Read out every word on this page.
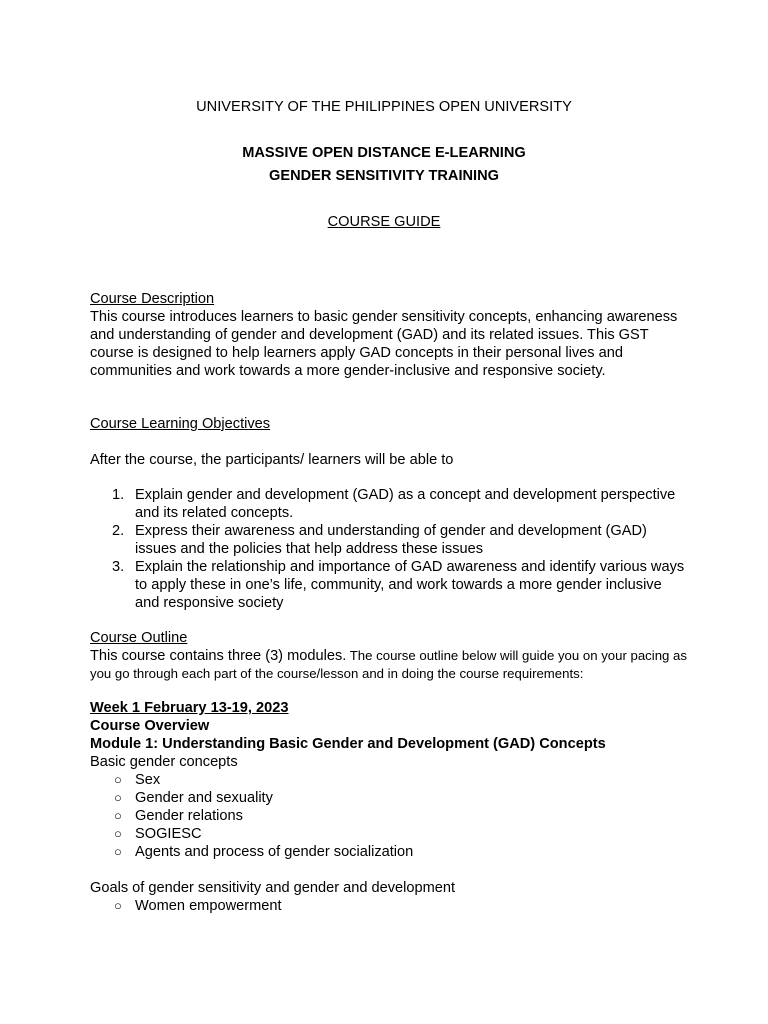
UNIVERSITY OF THE PHILIPPINES OPEN UNIVERSITY
MASSIVE OPEN DISTANCE E-LEARNING
GENDER SENSITIVITY TRAINING
COURSE GUIDE
Course Description
This course introduces learners to basic gender sensitivity concepts, enhancing awareness and understanding of gender and development (GAD) and its related issues. This GST course is designed to help learners apply GAD concepts in their personal lives and communities and work towards a more gender-inclusive and responsive society.
Course Learning Objectives
After the course, the participants/ learners will be able to
1. Explain gender and development (GAD) as a concept and development perspective and its related concepts.
2. Express their awareness and understanding of gender and development (GAD) issues and the policies that help address these issues
3. Explain the relationship and importance of GAD awareness and identify various ways to apply these in one’s life, community, and work towards a more gender inclusive and responsive society
Course Outline
This course contains three (3) modules. The course outline below will guide you on your pacing as you go through each part of the course/lesson and in doing the course requirements:
Week 1 February 13-19, 2023
Course Overview
Module 1: Understanding Basic Gender and Development (GAD) Concepts
Basic gender concepts
○ Sex
○ Gender and sexuality
○ Gender relations
○ SOGIESC
○ Agents and process of gender socialization
Goals of gender sensitivity and gender and development
○ Women empowerment
